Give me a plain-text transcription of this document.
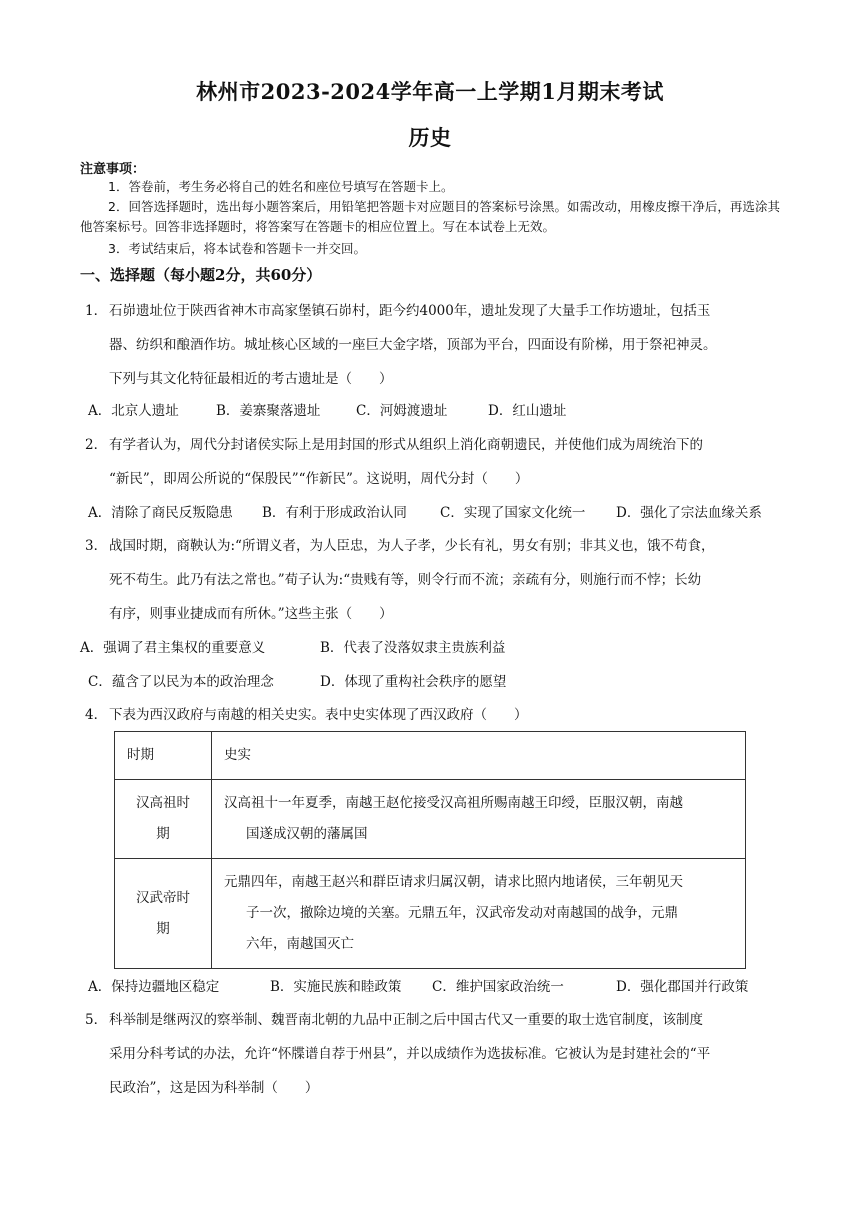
林州市2023-2024学年高一上学期1月期末考试
历史
注意事项：
1．答卷前，考生务必将自己的姓名和座位号填写在答题卡上。
2．回答选择题时，选出每小题答案后，用铅笔把答题卡对应题目的答案标号涂黑。如需改动，用橡皮擦干净后，再选涂其他答案标号。回答非选择题时，将答案写在答题卡的相应位置上。写在本试卷上无效。
3．考试结束后，将本试卷和答题卡一并交回。
一、选择题（每小题2分，共60分）
1． 石峁遗址位于陕西省神木市高家堡镇石峁村，距今约4000年，遗址发现了大量手工作坊遗址，包括玉
器、纺织和酿酒作坊。城址核心区域的一座巨大金字塔，顶部为平台，四面设有阶梯，用于祭祀神灵。
下列与其文化特征最相近的考古遗址是（　　）
A．北京人遗址	B．姜寨聚落遗址	C．河姆渡遗址	D．红山遗址
2． 有学者认为，周代分封诸侯实际上是用封国的形式从组织上消化商朝遗民，并使他们成为周统治下的
“新民”，即周公所说的“保殷民”“作新民”。这说明，周代分封（　　）
A．清除了商民反叛隐患 B．有利于形成政治认同 C．实现了国家文化统一 D．强化了宗法血缘关系
3． 战国时期，商鞅认为:“所谓义者，为人臣忠，为人子孝，少长有礼，男女有别；非其义也，饿不苟食，
死不苟生。此乃有法之常也。”荀子认为:“贵贱有等，则令行而不流；亲疏有分，则施行而不悖；长幼
有序，则事业捷成而有所休。”这些主张（　　）
A．强调了君主集权的重要意义	B．代表了没落奴隶主贵族利益
C．蕴含了以民为本的政治理念	D．体现了重构社会秩序的愿望
4． 下表为西汉政府与南越的相关史实。表中史实体现了西汉政府（　　）
时期	史实
汉高祖时
期	汉高祖十一年夏季，南越王赵佗接受汉高祖所赐南越王印绶，臣服汉朝，南越
国遂成汉朝的藩属国

汉武帝时
期	元鼎四年，南越王赵兴和群臣请求归属汉朝，请求比照内地诸侯，三年朝见天
子一次，撤除边境的关塞。元鼎五年，汉武帝发动对南越国的战争，元鼎
六年，南越国灭亡
A．保持边疆地区稳定	B．实施民族和睦政策 C．维护国家政治统一	D．强化郡国并行政策
5． 科举制是继两汉的察举制、魏晋南北朝的九品中正制之后中国古代又一重要的取士选官制度，该制度
采用分科考试的办法，允许“怀牒谱自荐于州县”，并以成绩作为选拔标准。它被认为是封建社会的“平
民政治”，这是因为科举制（　　）
